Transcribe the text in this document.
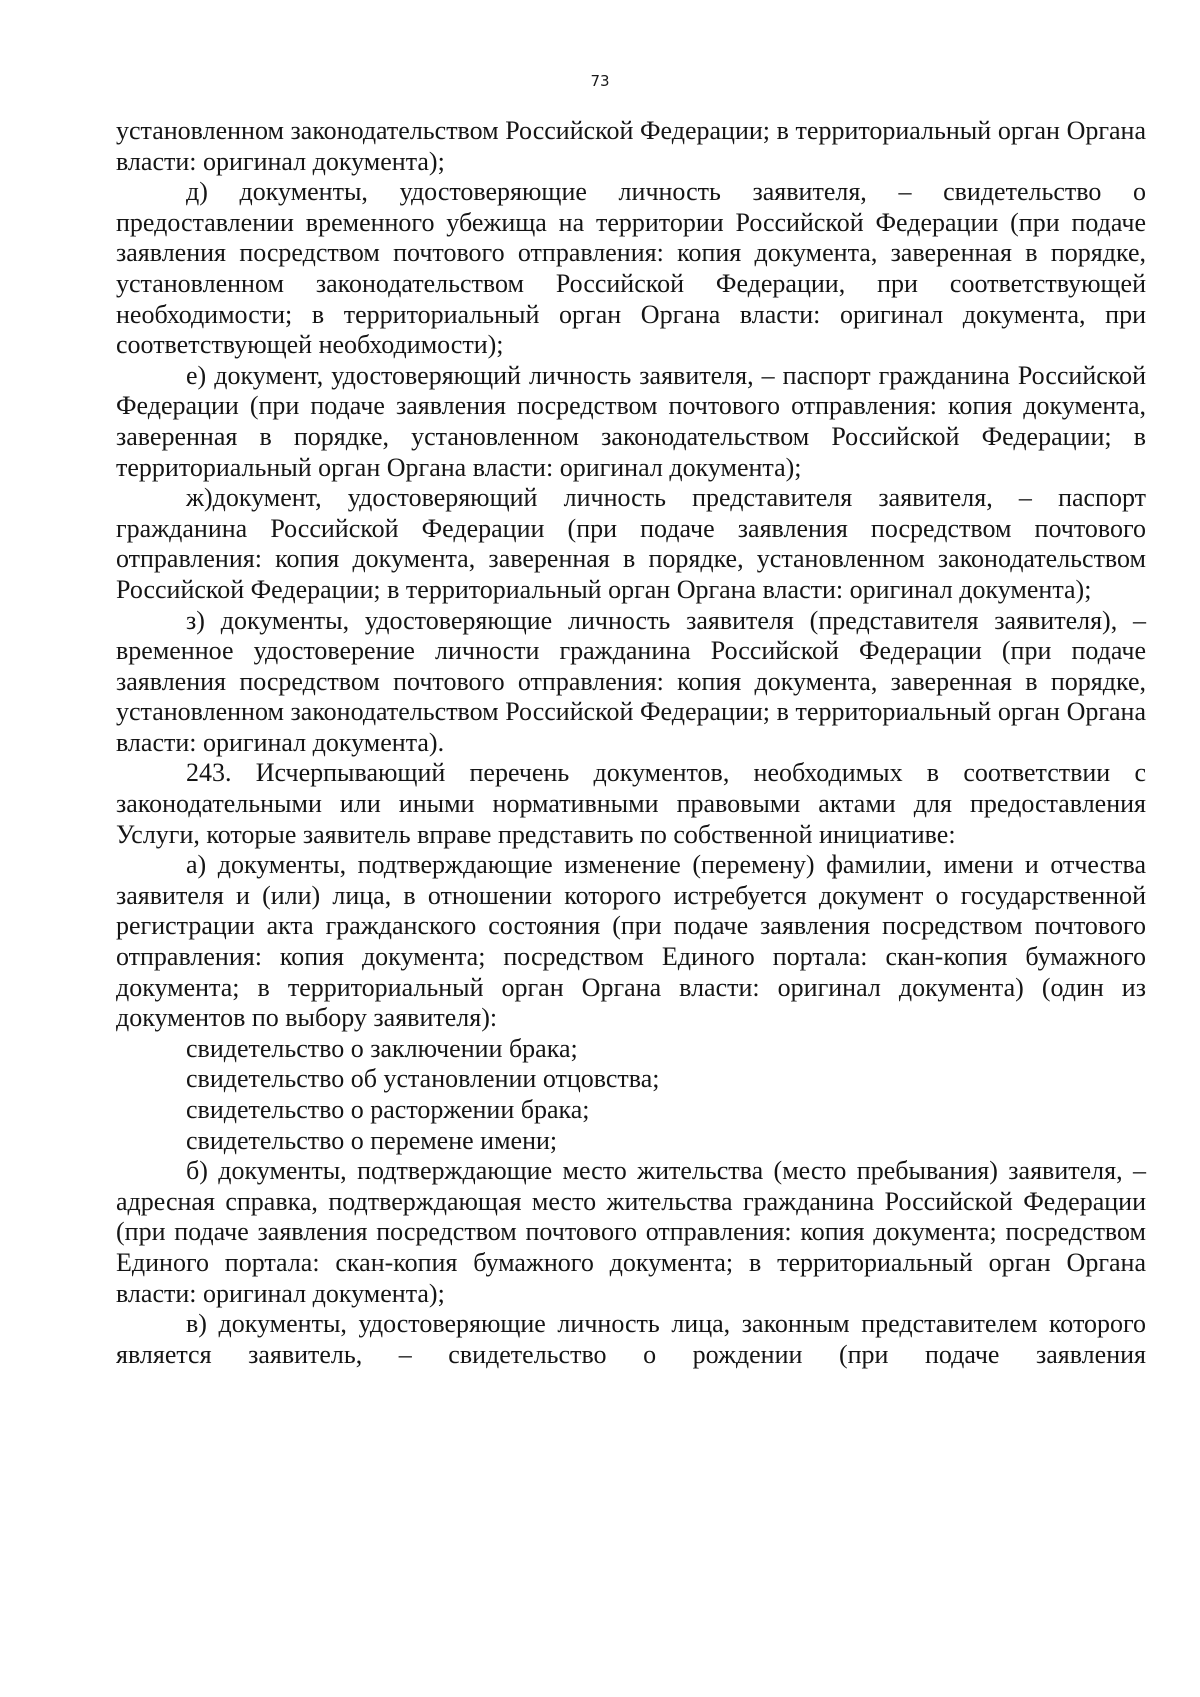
73

установленном законодательством Российской Федерации; в территориальный орган Органа власти: оригинал документа);

д) документы, удостоверяющие личность заявителя, – свидетельство о предоставлении временного убежища на территории Российской Федерации (при подаче заявления посредством почтового отправления: копия документа, заверенная в порядке, установленном законодательством Российской Федерации, при соответствующей необходимости; в территориальный орган Органа власти: оригинал документа, при соответствующей необходимости);

е) документ, удостоверяющий личность заявителя, – паспорт гражданина Российской Федерации (при подаче заявления посредством почтового отправления: копия документа, заверенная в порядке, установленном законодательством Российской Федерации; в территориальный орган Органа власти: оригинал документа);

ж)документ, удостоверяющий личность представителя заявителя, – паспорт гражданина Российской Федерации (при подаче заявления посредством почтового отправления: копия документа, заверенная в порядке, установленном законодательством Российской Федерации; в территориальный орган Органа власти: оригинал документа);

з) документы, удостоверяющие личность заявителя (представителя заявителя), – временное удостоверение личности гражданина Российской Федерации (при подаче заявления посредством почтового отправления: копия документа, заверенная в порядке, установленном законодательством Российской Федерации; в территориальный орган Органа власти: оригинал документа).

243. Исчерпывающий перечень документов, необходимых в соответствии с законодательными или иными нормативными правовыми актами для предоставления Услуги, которые заявитель вправе представить по собственной инициативе:

а) документы, подтверждающие изменение (перемену) фамилии, имени и отчества заявителя и (или) лица, в отношении которого истребуется документ о государственной регистрации акта гражданского состояния (при подаче заявления посредством почтового отправления: копия документа; посредством Единого портала: скан-копия бумажного документа; в территориальный орган Органа власти: оригинал документа) (один из документов по выбору заявителя):

свидетельство о заключении брака;

свидетельство об установлении отцовства;

свидетельство о расторжении брака;

свидетельство о перемене имени;

б) документы, подтверждающие место жительства (место пребывания) заявителя, – адресная справка, подтверждающая место жительства гражданина Российской Федерации (при подаче заявления посредством почтового отправления: копия документа; посредством Единого портала: скан-копия бумажного документа; в территориальный орган Органа власти: оригинал документа);

в) документы, удостоверяющие личность лица, законным представителем которого является заявитель, – свидетельство о рождении (при подаче заявления
